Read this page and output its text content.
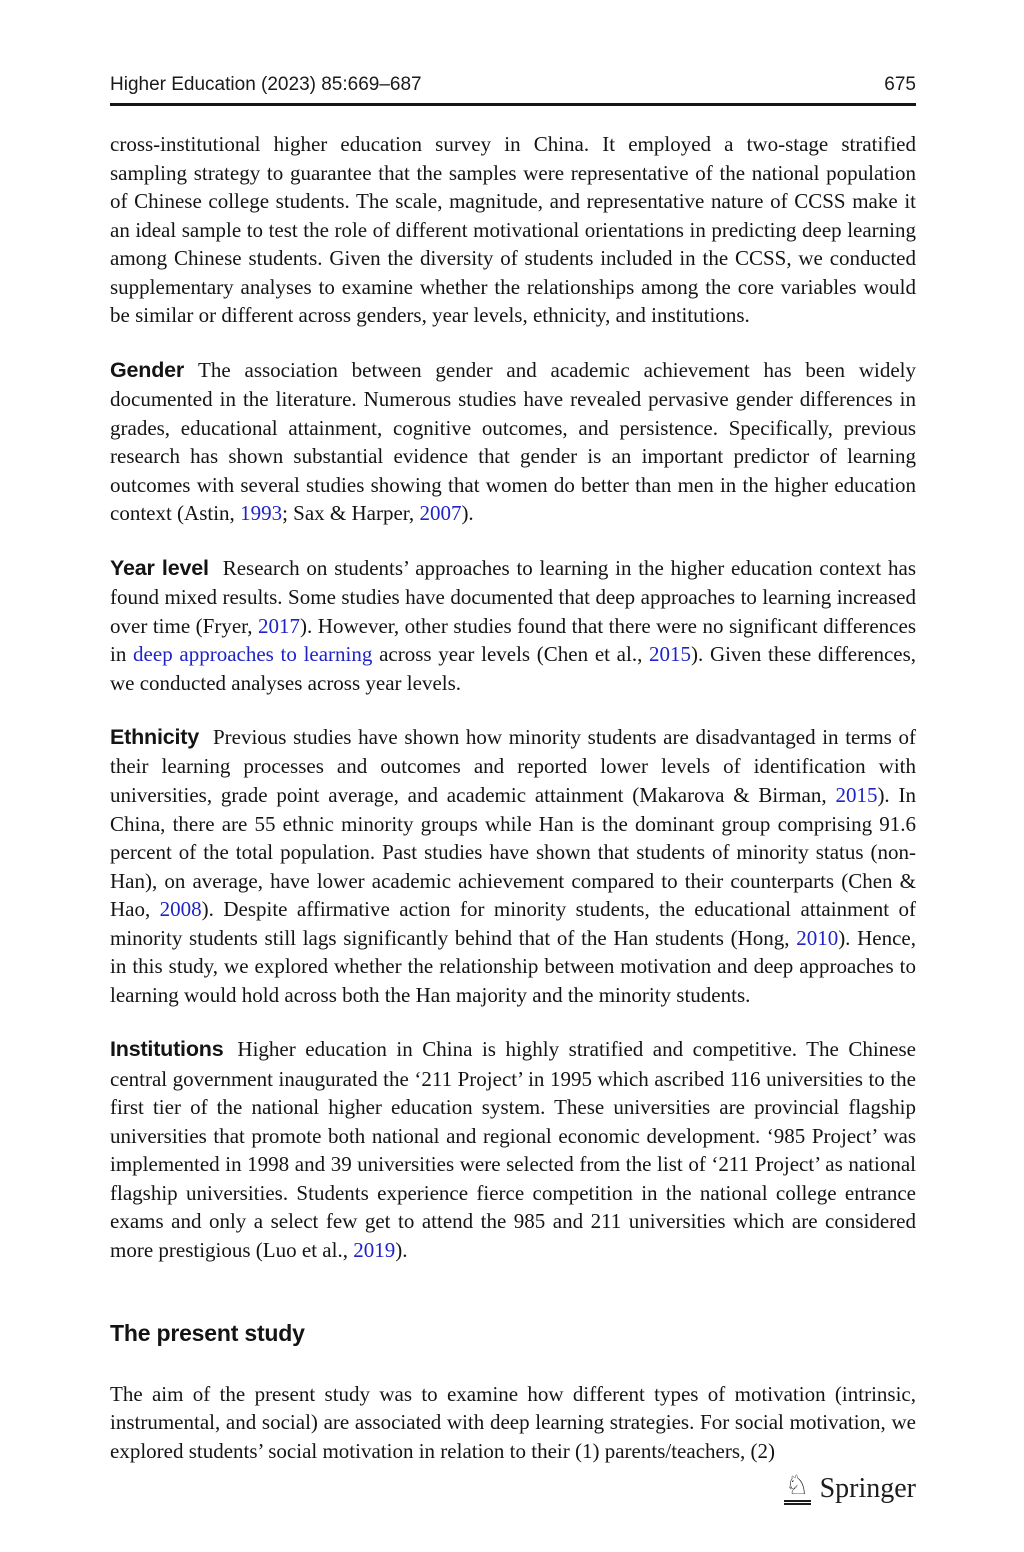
Higher Education (2023) 85:669–687	675

cross-institutional higher education survey in China. It employed a two-stage stratified sampling strategy to guarantee that the samples were representative of the national population of Chinese college students. The scale, magnitude, and representative nature of CCSS make it an ideal sample to test the role of different motivational orientations in predicting deep learning among Chinese students. Given the diversity of students included in the CCSS, we conducted supplementary analyses to examine whether the relationships among the core variables would be similar or different across genders, year levels, ethnicity, and institutions.

Gender The association between gender and academic achievement has been widely documented in the literature. Numerous studies have revealed pervasive gender differences in grades, educational attainment, cognitive outcomes, and persistence. Specifically, previous research has shown substantial evidence that gender is an important predictor of learning outcomes with several studies showing that women do better than men in the higher education context (Astin, 1993; Sax & Harper, 2007).

Year level Research on students’ approaches to learning in the higher education context has found mixed results. Some studies have documented that deep approaches to learning increased over time (Fryer, 2017). However, other studies found that there were no significant differences in deep approaches to learning across year levels (Chen et al., 2015). Given these differences, we conducted analyses across year levels.

Ethnicity Previous studies have shown how minority students are disadvantaged in terms of their learning processes and outcomes and reported lower levels of identification with universities, grade point average, and academic attainment (Makarova & Birman, 2015). In China, there are 55 ethnic minority groups while Han is the dominant group comprising 91.6 percent of the total population. Past studies have shown that students of minority status (non-Han), on average, have lower academic achievement compared to their counterparts (Chen & Hao, 2008). Despite affirmative action for minority students, the educational attainment of minority students still lags significantly behind that of the Han students (Hong, 2010). Hence, in this study, we explored whether the relationship between motivation and deep approaches to learning would hold across both the Han majority and the minority students.

Institutions Higher education in China is highly stratified and competitive. The Chinese central government inaugurated the ‘211 Project’ in 1995 which ascribed 116 universities to the first tier of the national higher education system. These universities are provincial flagship universities that promote both national and regional economic development. ‘985 Project’ was implemented in 1998 and 39 universities were selected from the list of ‘211 Project’ as national flagship universities. Students experience fierce competition in the national college entrance exams and only a select few get to attend the 985 and 211 universities which are considered more prestigious (Luo et al., 2019).

The present study

The aim of the present study was to examine how different types of motivation (intrinsic, instrumental, and social) are associated with deep learning strategies. For social motivation, we explored students’ social motivation in relation to their (1) parents/teachers, (2)

♘ Springer
